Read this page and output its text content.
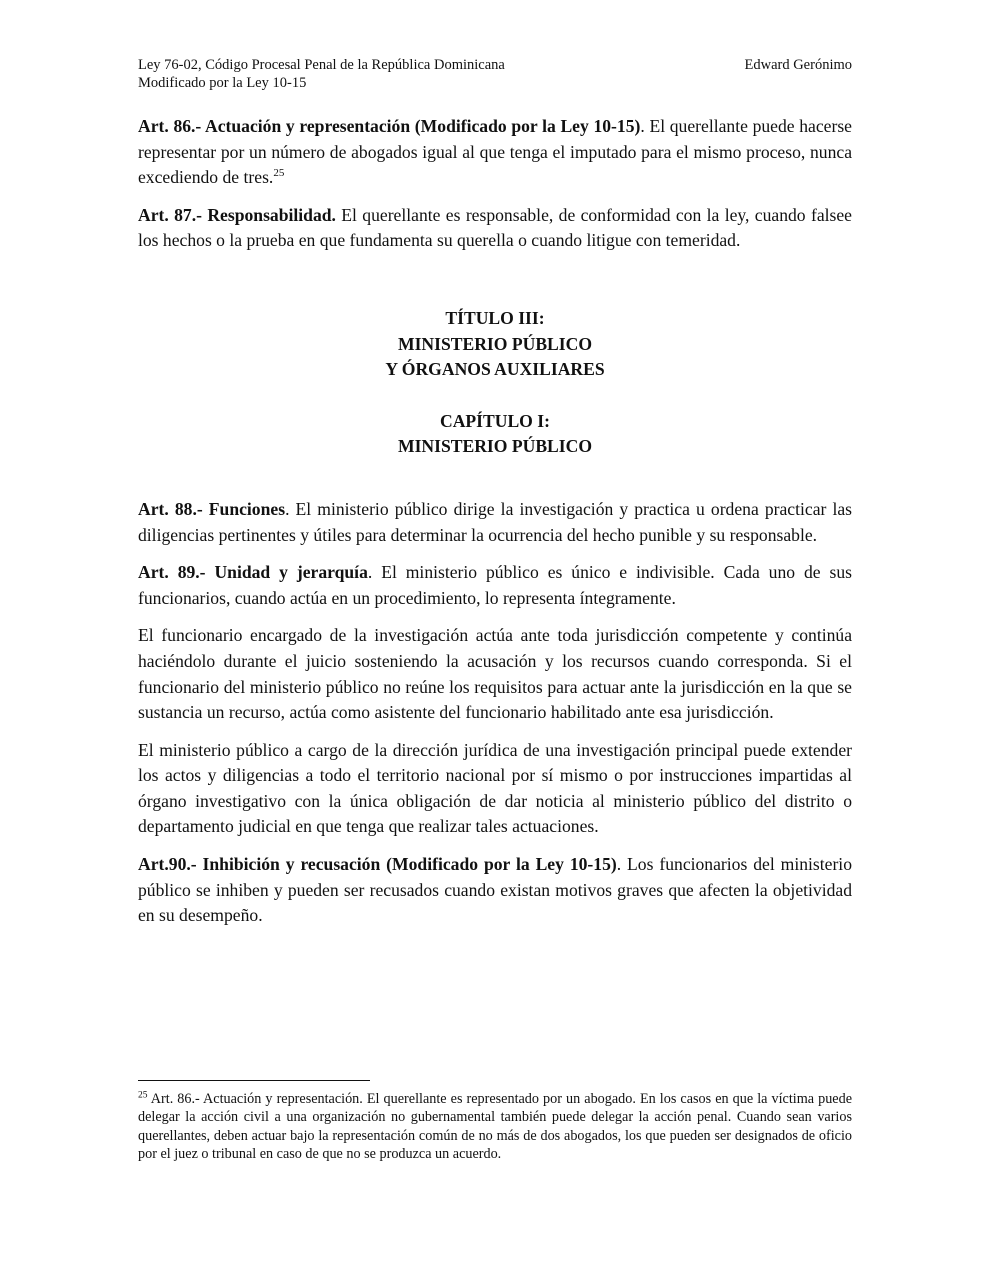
Ley 76-02, Código Procesal Penal de la República Dominicana
Modificado por la Ley 10-15
Edward Gerónimo

Art. 86.- Actuación y representación (Modificado por la Ley 10-15). El querellante puede hacerse representar por un número de abogados igual al que tenga el imputado para el mismo proceso, nunca excediendo de tres.$^{25}$

Art. 87.- Responsabilidad. El querellante es responsable, de conformidad con la ley, cuando falsee los hechos o la prueba en que fundamenta su querella o cuando litigue con temeridad.

TÍTULO III:
MINISTERIO PÚBLICO
Y ÓRGANOS AUXILIARES
CAPÍTULO I:
MINISTERIO PÚBLICO

Art. 88.- Funciones. El ministerio público dirige la investigación y practica u ordena practicar las diligencias pertinentes y útiles para determinar la ocurrencia del hecho punible y su responsable.

Art. 89.- Unidad y jerarquía. El ministerio público es único e indivisible. Cada uno de sus funcionarios, cuando actúa en un procedimiento, lo representa íntegramente.

El funcionario encargado de la investigación actúa ante toda jurisdicción competente y continúa haciéndolo durante el juicio sosteniendo la acusación y los recursos cuando corresponda. Si el funcionario del ministerio público no reúne los requisitos para actuar ante la jurisdicción en la que se sustancia un recurso, actúa como asistente del funcionario habilitado ante esa jurisdicción.

El ministerio público a cargo de la dirección jurídica de una investigación principal puede extender los actos y diligencias a todo el territorio nacional por sí mismo o por instrucciones impartidas al órgano investigativo con la única obligación de dar noticia al ministerio público del distrito o departamento judicial en que tenga que realizar tales actuaciones.

Art.90.- Inhibición y recusación (Modificado por la Ley 10-15). Los funcionarios del ministerio público se inhiben y pueden ser recusados cuando existan motivos graves que afecten la objetividad en su desempeño.

$^{25}$ Art. 86.- Actuación y representación. El querellante es representado por un abogado. En los casos en que la víctima puede delegar la acción civil a una organización no gubernamental también puede delegar la acción penal. Cuando sean varios querellantes, deben actuar bajo la representación común de no más de dos abogados, los que pueden ser designados de oficio por el juez o tribunal en caso de que no se produzca un acuerdo.
